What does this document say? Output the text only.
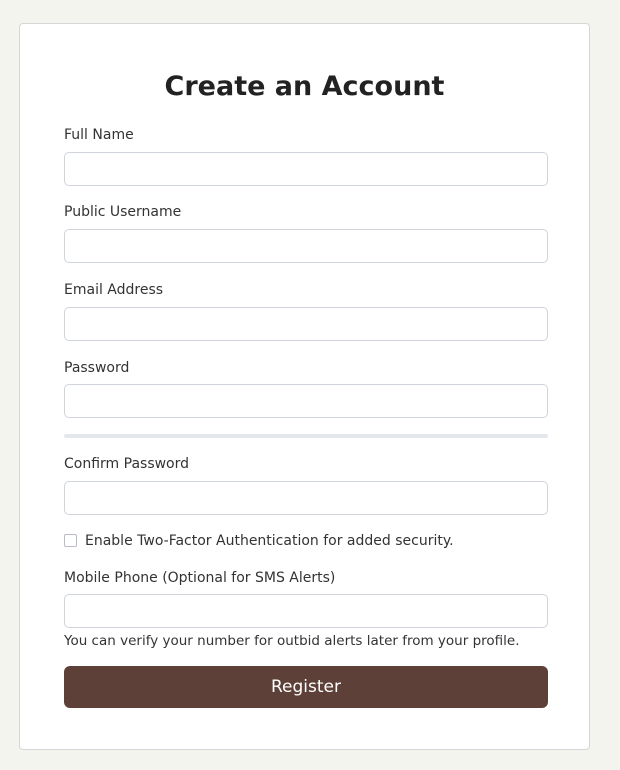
Create an Account
Full Name
Public Username
Email Address
Password
Confirm Password
Enable Two-Factor Authentication for added security.
Mobile Phone (Optional for SMS Alerts)
You can verify your number for outbid alerts later from your profile.
Register
